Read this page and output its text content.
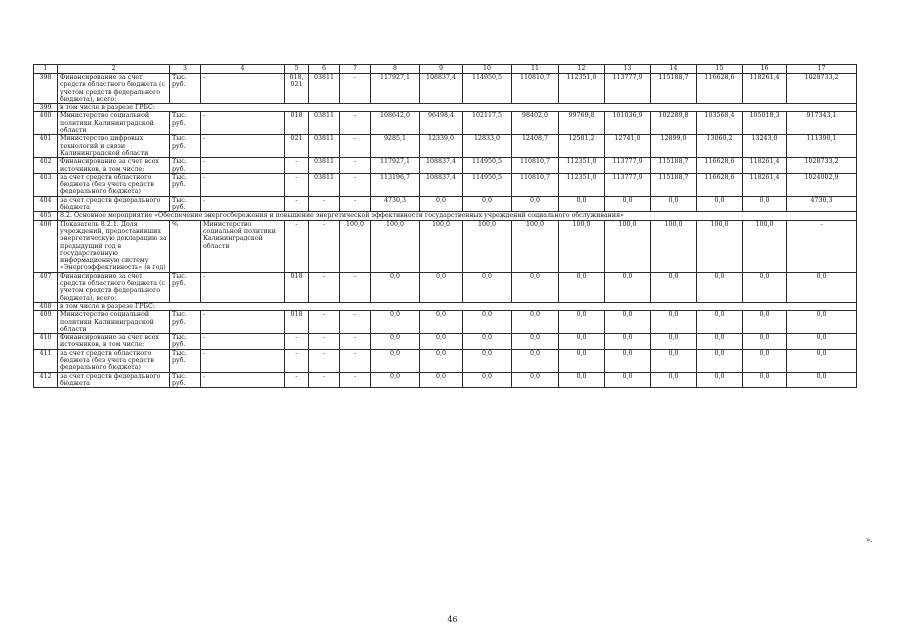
1	2	3	4	5	6	7	8	9	10	11	12	13	14	15	16	17
398	Финансирование за счет средств областного бюджета (с учетом средств федерального бюджета), всего:	Тыс. руб.	-	018, 021	03811	-	117927,1	108837,4	114950,5	110810,7	112351,0	113777,9	115188,7	116628,6	118261,4	1028733,2
399	в том числе в разрезе ГРБС:															
400	Министерство социальной политики Калининградской области	Тыс. руб.	-	018	03811	-	108642,0	96498,4	102117,5	98402,0	99769,8	101036,9	102289,8	103568,4	105018,3	917343,1
401	Министерство цифровых технологий и связи Калининградской области	Тыс. руб.	-	021	03811	-	9285,1	12339,0	12833,0	12408,7	12581,2	12741,0	12899,0	13060,2	13243,0	111390,1
402	Финансирование за счет всех источников, в том числе:	Тыс. руб.	-	-	03811	-	117927,1	108837,4	114950,5	110810,7	112351,0	113777,9	115188,7	116628,6	118261,4	1028733,2
403	за счет средств областного бюджета (без учета средств федерального бюджета)	Тыс. руб.	-	-	03811	-	113196,7	108837,4	114950,5	110810,7	112351,0	113777,9	115188,7	116628,6	118261,4	1024002,9
404	за счет средств федерального бюджета	Тыс. руб.	-	-	-	-	4730,3	0,0	0,0	0,0	0,0	0,0	0,0	0,0	0,0	4730,3
405	8.2. Основное мероприятие «Обеспечение энергосбережения и повышение энергетической эффективности государственных учреждений социального обслуживания»															
406	Показатель 8.2.1. Доля учреждений, предоставивших энергетическую декларацию за предыдущий год в государственную информационную систему «Энергоэффективность» (в год)	%	Министерство социальной политики Калининградской области	-	-	100,0	100,0	100,0	100,0	100,0	100,0	100,0	100,0	100,0	100,0	-
407	Финансирование за счет средств областного бюджета (с учетом средств федерального бюджета), всего:	Тыс. руб.	-	018	-	-	0,0	0,0	0,0	0,0	0,0	0,0	0,0	0,0	0,0	0,0
408	в том числе в разрезе ГРБС:															
409	Министерство социальной политики Калининградской области	Тыс. руб.	-	018	-	-	0,0	0,0	0,0	0,0	0,0	0,0	0,0	0,0	0,0	0,0
410	Финансирование за счет всех источников, в том числе:	Тыс. руб.	-	-	-	-	0,0	0,0	0,0	0,0	0,0	0,0	0,0	0,0	0,0	0,0
411	за счет средств областного бюджета (без учета средств федерального бюджета)	Тыс. руб.	-	-	-	-	0,0	0,0	0,0	0,0	0,0	0,0	0,0	0,0	0,0	0,0
412	за счет средств федерального бюджета	Тыс. руб.	-	-	-	-	0,0	0,0	0,0	0,0	0,0	0,0	0,0	0,0	0,0	0,0
».
46
